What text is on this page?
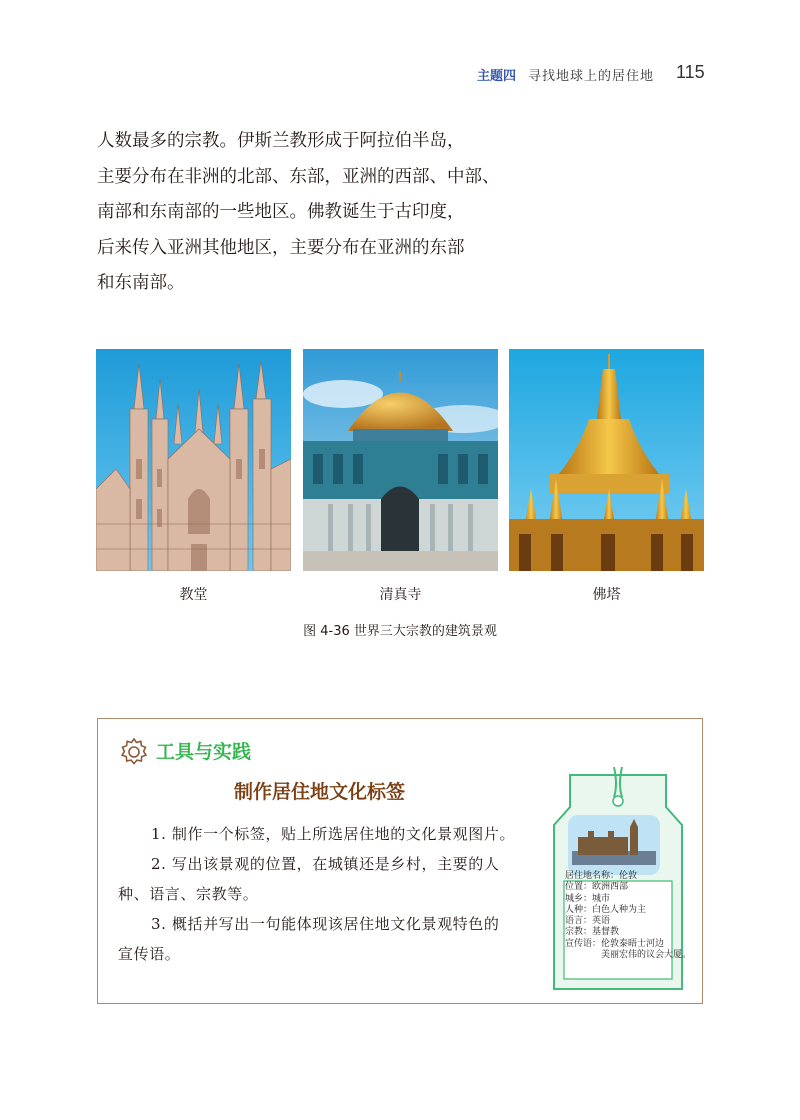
主题四 寻找地球上的居住地 115

人数最多的宗教。伊斯兰教形成于阿拉伯半岛，

主要分布在非洲的北部、东部，亚洲的西部、中部、

南部和东南部的一些地区。佛教诞生于古印度，

后来传入亚洲其他地区，主要分布在亚洲的东部

和东南部。

教堂	清真寺	佛塔
图 4-36 世界三大宗教的建筑景观
工具与实践
制作居住地文化标签

1. 制作一个标签，贴上所选居住地的文化景观图片。

2. 写出该景观的位置，在城镇还是乡村，主要的人

种、语言、宗教等。

3. 概括并写出一句能体现该居住地文化景观特色的

宣传语。

居住地名称：伦敦
位置：欧洲西部
城乡：城市
人种：白色人种为主
语言：英语
宗教：基督教
宣传语：伦敦泰晤士河边
　　　　美丽宏伟的议会大厦。
